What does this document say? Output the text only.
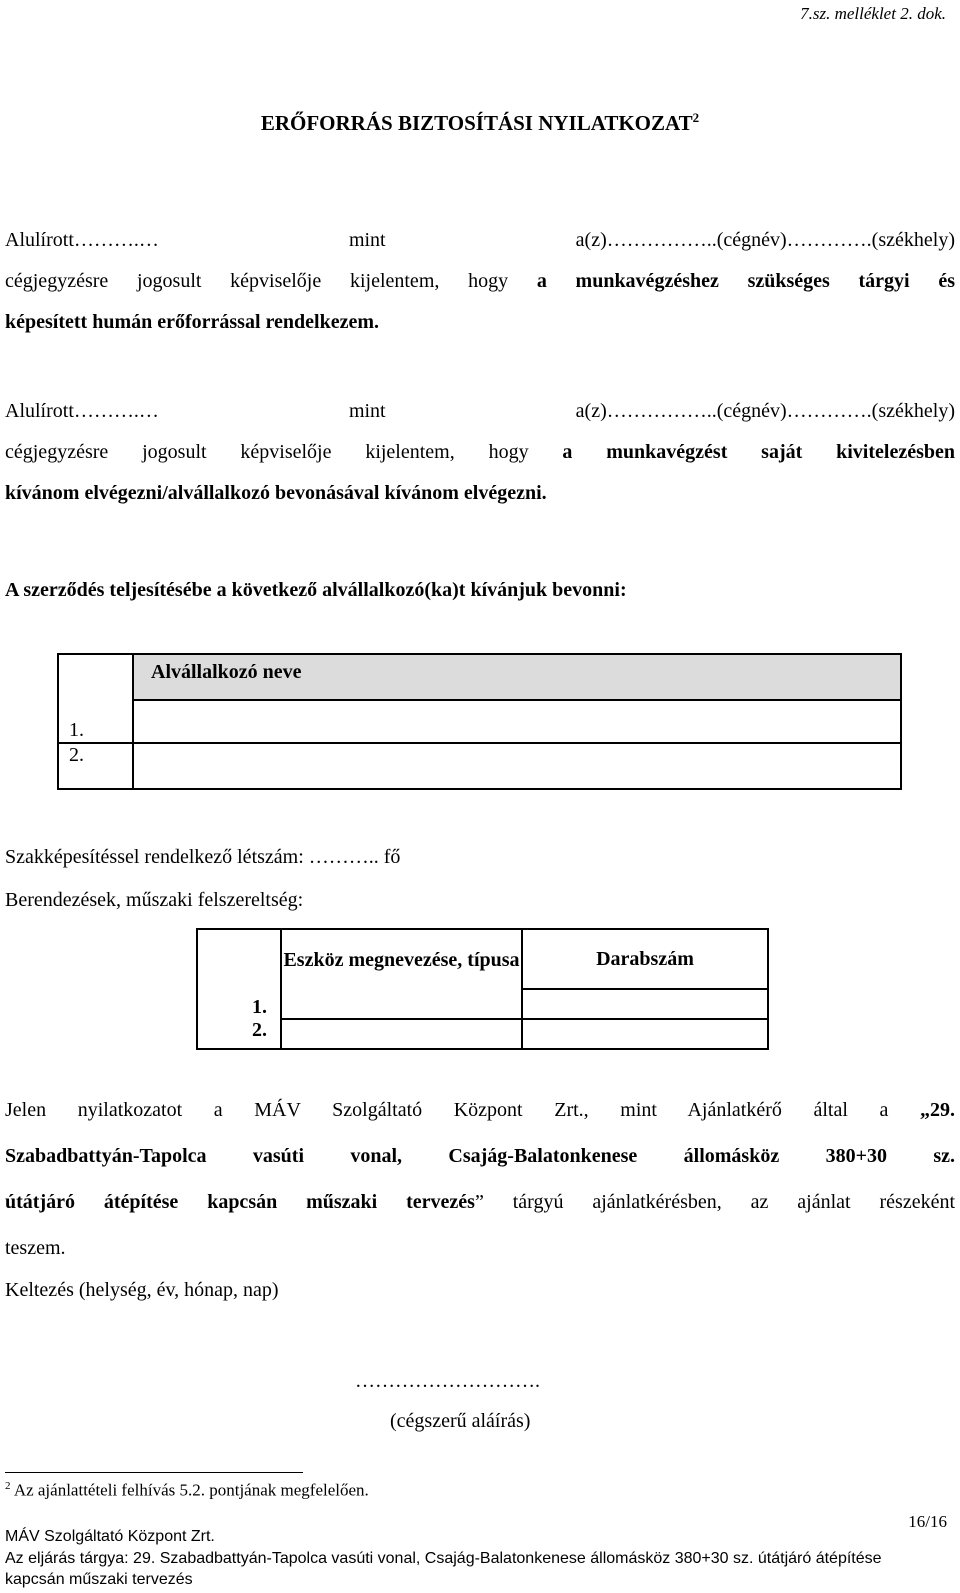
7.sz. melléklet 2. dok.
ERŐFORRÁS BIZTOSÍTÁSI NYILATKOZAT$^2$
Alulírott……….…	mint	a(z)……………..(cégnév)………….(székhely)
cégjegyzésre jogosult képviselője kijelentem, hogy a munkavégzéshez szükséges tárgyi és
képesített humán erőforrással rendelkezem.
Alulírott……….…	mint	a(z)……………..(cégnév)………….(székhely)
cégjegyzésre jogosult képviselője kijelentem, hogy a munkavégzést saját kivitelezésben
kívánom elvégezni/alvállalkozó bevonásával kívánom elvégezni.
A szerződés teljesítésébe a következő alvállalkozó(ka)t kívánjuk bevonni:
	Alvállalkozó neve
1.	
2.	
Szakképesítéssel rendelkező létszám: ……….. fő
Berendezések, műszaki felszereltség:
	Eszköz megnevezése, típusa	Darabszám
1.		
2.		
Jelen nyilatkozatot a MÁV Szolgáltató Központ Zrt., mint Ajánlatkérő által a „29.
Szabadbattyán-Tapolca vasúti vonal, Csajág-Balatonkenese állomásköz 380+30 sz.
útátjáró átépítése kapcsán műszaki tervezés” tárgyú ajánlatkérésben, az ajánlat részeként
teszem.
Keltezés (helység, év, hónap, nap)
……………………….
(cégszerű aláírás)
$^2$ Az ajánlattételi felhívás 5.2. pontjának megfelelően.
16/16
MÁV Szolgáltató Központ Zrt.
Az eljárás tárgya: 29. Szabadbattyán-Tapolca vasúti vonal, Csajág-Balatonkenese állomásköz 380+30 sz. útátjáró átépítése
kapcsán műszaki tervezés
